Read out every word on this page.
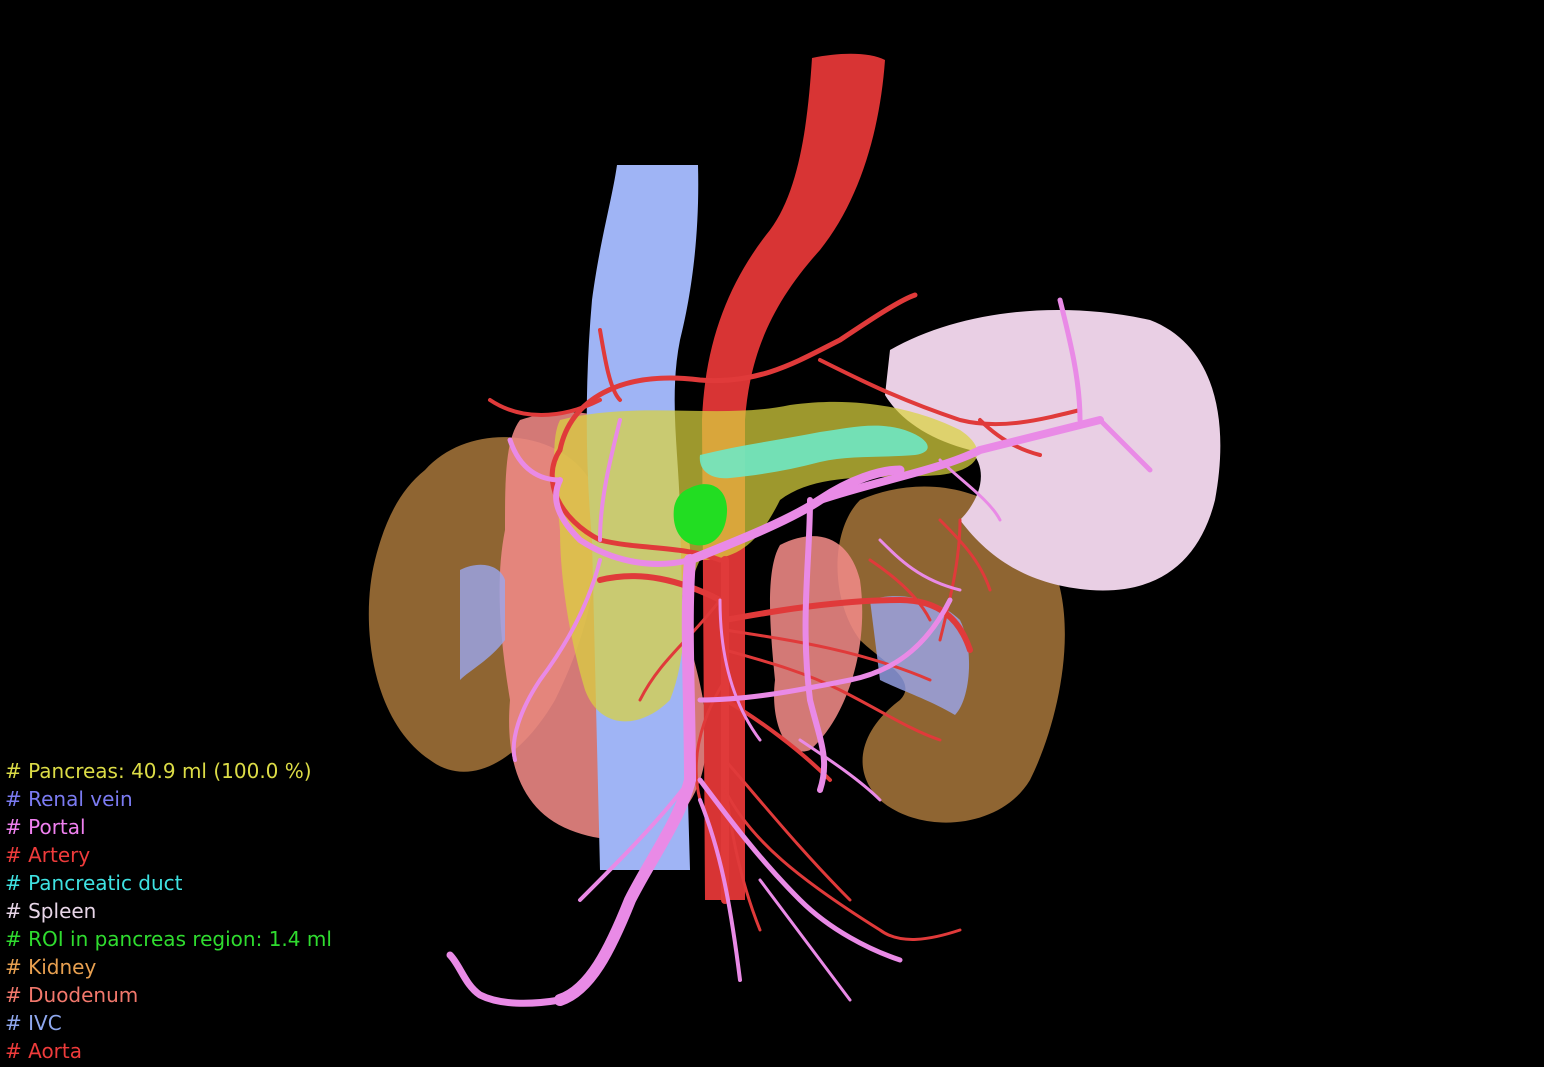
# Pancreas: 40.9 ml (100.0 %)
# Renal vein
# Portal
# Artery
# Pancreatic duct
# Spleen
# ROI in pancreas region: 1.4 ml
# Kidney
# Duodenum
# IVC
# Aorta
